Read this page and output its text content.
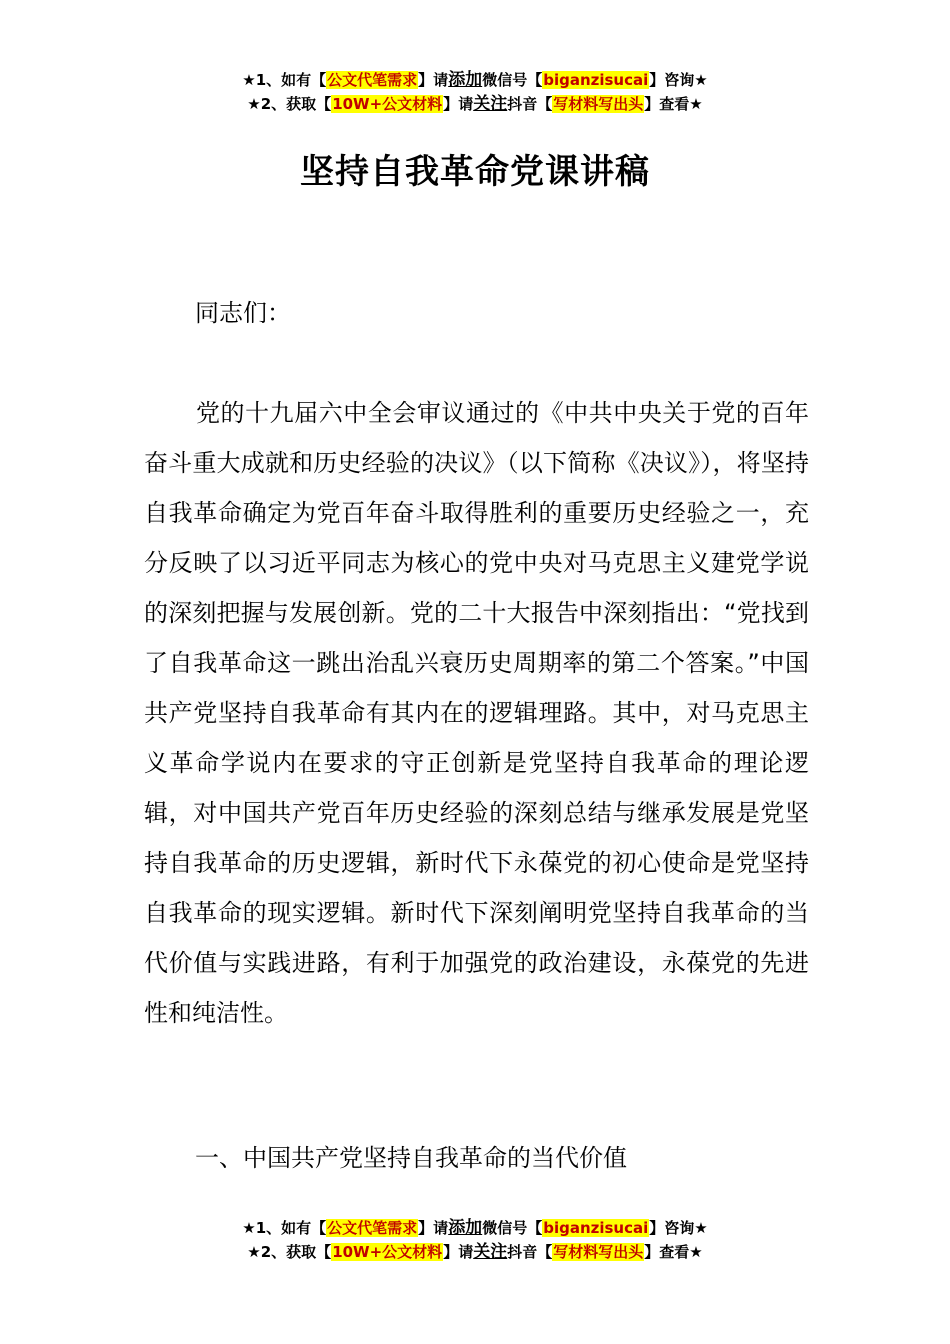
★1、如有【公文代笔需求】请添加微信号【biganzisucai】咨询★
★2、获取【10W+公文材料】请关注抖音【写材料写出头】查看★
坚持自我革命党课讲稿
同志们：

党的十九届六中全会审议通过的《中共中央关于党的百年奋斗重大成就和历史经验的决议》（以下简称《决议》），将坚持自我革命确定为党百年奋斗取得胜利的重要历史经验之一，充分反映了以习近平同志为核心的党中央对马克思主义建党学说的深刻把握与发展创新。党的二十大报告中深刻指出：“党找到了自我革命这一跳出治乱兴衰历史周期率的第二个答案。”中国共产党坚持自我革命有其内在的逻辑理路。其中，对马克思主义革命学说内在要求的守正创新是党坚持自我革命的理论逻辑，对中国共产党百年历史经验的深刻总结与继承发展是党坚持自我革命的历史逻辑，新时代下永葆党的初心使命是党坚持自我革命的现实逻辑。新时代下深刻阐明党坚持自我革命的当代价值与实践进路，有利于加强党的政治建设，永葆党的先进性和纯洁性。

一、中国共产党坚持自我革命的当代价值
★1、如有【公文代笔需求】请添加微信号【biganzisucai】咨询★
★2、获取【10W+公文材料】请关注抖音【写材料写出头】查看★
